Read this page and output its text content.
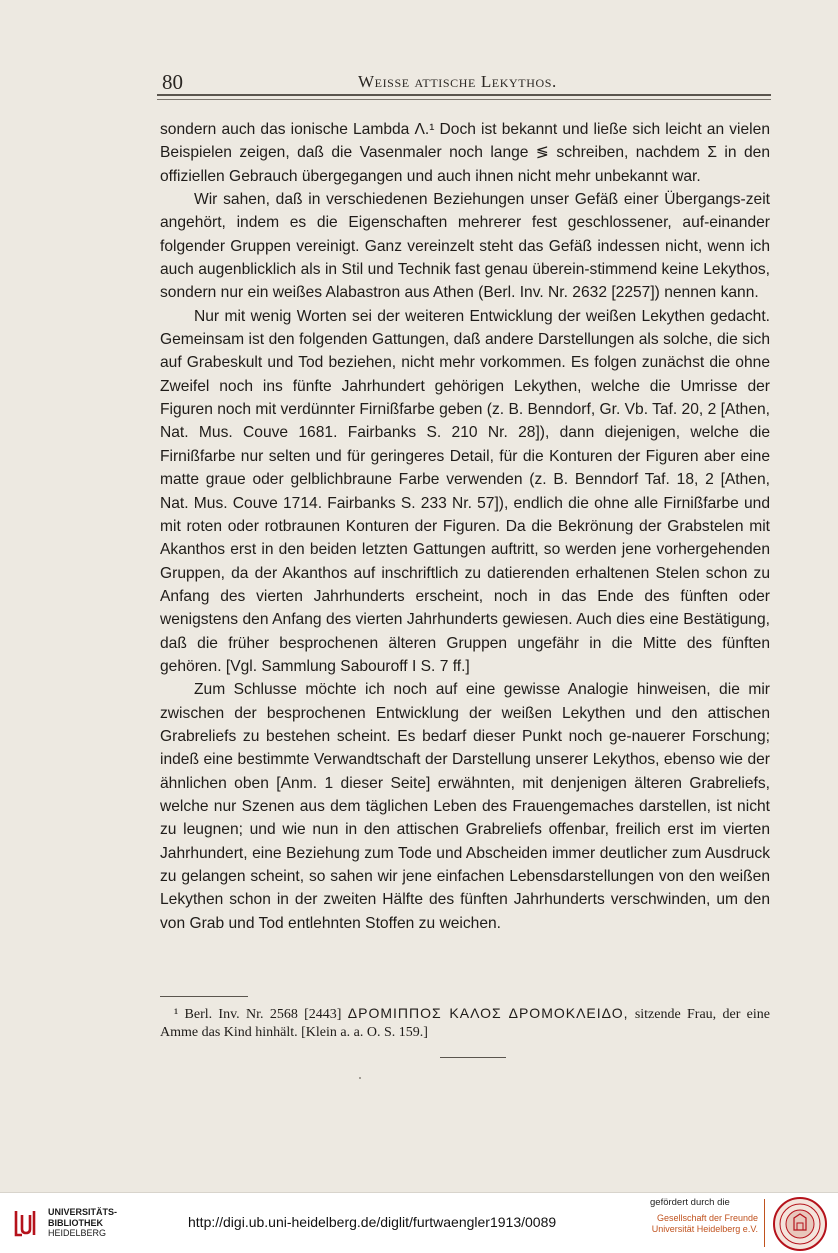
80	Weisse attische Lekythos.

sondern auch das ionische Lambda Λ.¹ Doch ist bekannt und ließe sich leicht an vielen Beispielen zeigen, daß die Vasenmaler noch lange ≶ schreiben, nachdem Σ in den offiziellen Gebrauch übergegangen und auch ihnen nicht mehr unbekannt war.

Wir sahen, daß in verschiedenen Beziehungen unser Gefäß einer Übergangs-zeit angehört, indem es die Eigenschaften mehrerer fest geschlossener, auf-einander folgender Gruppen vereinigt. Ganz vereinzelt steht das Gefäß indessen nicht, wenn ich auch augenblicklich als in Stil und Technik fast genau überein-stimmend keine Lekythos, sondern nur ein weißes Alabastron aus Athen (Berl. Inv. Nr. 2632 [2257]) nennen kann.

Nur mit wenig Worten sei der weiteren Entwicklung der weißen Lekythen gedacht. Gemeinsam ist den folgenden Gattungen, daß andere Darstellungen als solche, die sich auf Grabeskult und Tod beziehen, nicht mehr vorkommen. Es folgen zunächst die ohne Zweifel noch ins fünfte Jahrhundert gehörigen Lekythen, welche die Umrisse der Figuren noch mit verdünnter Firnißfarbe geben (z. B. Benndorf, Gr. Vb. Taf. 20, 2 [Athen, Nat. Mus. Couve 1681. Fairbanks S. 210 Nr. 28]), dann diejenigen, welche die Firnißfarbe nur selten und für geringeres Detail, für die Konturen der Figuren aber eine matte graue oder gelblichbraune Farbe verwenden (z. B. Benndorf Taf. 18, 2 [Athen, Nat. Mus. Couve 1714. Fairbanks S. 233 Nr. 57]), endlich die ohne alle Firnißfarbe und mit roten oder rotbraunen Konturen der Figuren. Da die Bekrönung der Grabstelen mit Akanthos erst in den beiden letzten Gattungen auftritt, so werden jene vorhergehenden Gruppen, da der Akanthos auf inschriftlich zu datierenden erhaltenen Stelen schon zu Anfang des vierten Jahrhunderts erscheint, noch in das Ende des fünften oder wenigstens den Anfang des vierten Jahrhunderts gewiesen. Auch dies eine Bestätigung, daß die früher besprochenen älteren Gruppen ungefähr in die Mitte des fünften gehören. [Vgl. Sammlung Sabouroff I S. 7 ff.]

Zum Schlusse möchte ich noch auf eine gewisse Analogie hinweisen, die mir zwischen der besprochenen Entwicklung der weißen Lekythen und den attischen Grabreliefs zu bestehen scheint. Es bedarf dieser Punkt noch ge-nauerer Forschung; indeß eine bestimmte Verwandtschaft der Darstellung unserer Lekythos, ebenso wie der ähnlichen oben [Anm. 1 dieser Seite] erwähnten, mit denjenigen älteren Grabreliefs, welche nur Szenen aus dem täglichen Leben des Frauengemaches darstellen, ist nicht zu leugnen; und wie nun in den attischen Grabreliefs offenbar, freilich erst im vierten Jahrhundert, eine Beziehung zum Tode und Abscheiden immer deutlicher zum Ausdruck zu gelangen scheint, so sahen wir jene einfachen Lebensdarstellungen von den weißen Lekythen schon in der zweiten Hälfte des fünften Jahrhunderts verschwinden, um den von Grab und Tod entlehnten Stoffen zu weichen.

¹ Berl. Inv. Nr. 2568 [2443] ΔΡΟΜΙΠΠΟΣ ΚΑΛΟΣ ΔΡΟΜΟΚΛΕΙΔΟ, sitzende Frau, der eine Amme das Kind hinhält. [Klein a. a. O. S. 159.]
UNIVERSITÄTS-
BIBLIOTHEK
HEIDELBERG
http://digi.ub.uni-heidelberg.de/diglit/furtwaengler1913/0089
gefördert durch die
Gesellschaft der Freunde
Universität Heidelberg e.V.
